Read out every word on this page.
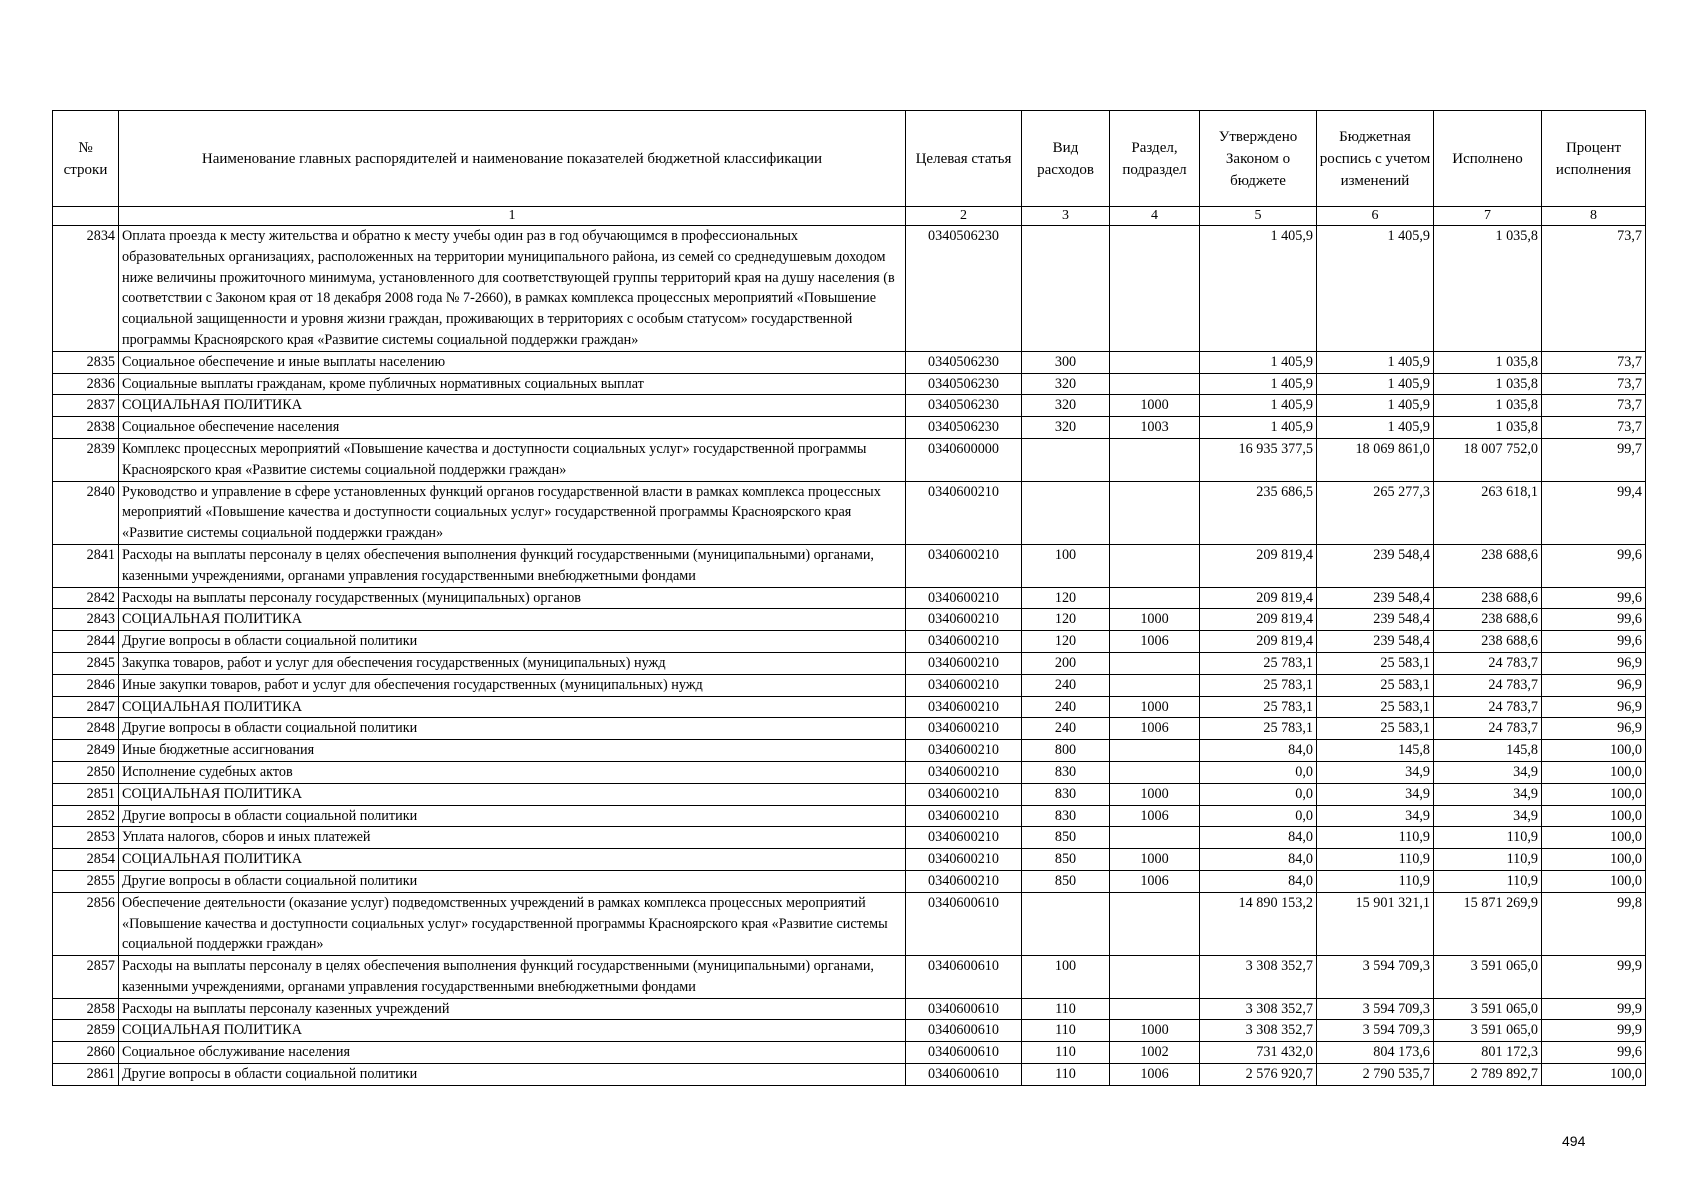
№ строки	Наименование главных распорядителей и наименование показателей бюджетной классификации	Целевая статья	Вид расходов	Раздел, подраздел	Утверждено Законом о бюджете	Бюджетная роспись с учетом изменений	Исполнено	Процент исполнения
	1	2	3	4	5	6	7	8
2834	Оплата проезда к месту жительства и обратно к месту учебы один раз в год обучающимся в профессиональных образовательных организациях, расположенных на территории муниципального района, из семей со среднедушевым доходом ниже величины прожиточного минимума, установленного для соответствующей группы территорий края на душу населения (в соответствии с Законом края от 18 декабря 2008 года № 7-2660), в рамках комплекса процессных мероприятий «Повышение социальной защищенности и уровня жизни граждан, проживающих в территориях с особым статусом» государственной программы Красноярского края «Развитие системы социальной поддержки граждан»	0340506230			1 405,9	1 405,9	1 035,8	73,7
2835	Социальное обеспечение и иные выплаты населению	0340506230	300		1 405,9	1 405,9	1 035,8	73,7
2836	Социальные выплаты гражданам, кроме публичных нормативных социальных выплат	0340506230	320		1 405,9	1 405,9	1 035,8	73,7
2837	СОЦИАЛЬНАЯ ПОЛИТИКА	0340506230	320	1000	1 405,9	1 405,9	1 035,8	73,7
2838	Социальное обеспечение населения	0340506230	320	1003	1 405,9	1 405,9	1 035,8	73,7
2839	Комплекс процессных мероприятий «Повышение качества и доступности социальных услуг» государственной программы Красноярского края «Развитие системы социальной поддержки граждан»	0340600000			16 935 377,5	18 069 861,0	18 007 752,0	99,7
2840	Руководство и управление в сфере установленных функций органов государственной власти в рамках комплекса процессных мероприятий «Повышение качества и доступности социальных услуг» государственной программы Красноярского края «Развитие системы социальной поддержки граждан»	0340600210			235 686,5	265 277,3	263 618,1	99,4
2841	Расходы на выплаты персоналу в целях обеспечения выполнения функций государственными (муниципальными) органами, казенными учреждениями, органами управления государственными внебюджетными фондами	0340600210	100		209 819,4	239 548,4	238 688,6	99,6
2842	Расходы на выплаты персоналу государственных (муниципальных) органов	0340600210	120		209 819,4	239 548,4	238 688,6	99,6
2843	СОЦИАЛЬНАЯ ПОЛИТИКА	0340600210	120	1000	209 819,4	239 548,4	238 688,6	99,6
2844	Другие вопросы в области социальной политики	0340600210	120	1006	209 819,4	239 548,4	238 688,6	99,6
2845	Закупка товаров, работ и услуг для обеспечения государственных (муниципальных) нужд	0340600210	200		25 783,1	25 583,1	24 783,7	96,9
2846	Иные закупки товаров, работ и услуг для обеспечения государственных (муниципальных) нужд	0340600210	240		25 783,1	25 583,1	24 783,7	96,9
2847	СОЦИАЛЬНАЯ ПОЛИТИКА	0340600210	240	1000	25 783,1	25 583,1	24 783,7	96,9
2848	Другие вопросы в области социальной политики	0340600210	240	1006	25 783,1	25 583,1	24 783,7	96,9
2849	Иные бюджетные ассигнования	0340600210	800		84,0	145,8	145,8	100,0
2850	Исполнение судебных актов	0340600210	830		0,0	34,9	34,9	100,0
2851	СОЦИАЛЬНАЯ ПОЛИТИКА	0340600210	830	1000	0,0	34,9	34,9	100,0
2852	Другие вопросы в области социальной политики	0340600210	830	1006	0,0	34,9	34,9	100,0
2853	Уплата налогов, сборов и иных платежей	0340600210	850		84,0	110,9	110,9	100,0
2854	СОЦИАЛЬНАЯ ПОЛИТИКА	0340600210	850	1000	84,0	110,9	110,9	100,0
2855	Другие вопросы в области социальной политики	0340600210	850	1006	84,0	110,9	110,9	100,0
2856	Обеспечение деятельности (оказание услуг) подведомственных учреждений в рамках комплекса процессных мероприятий «Повышение качества и доступности социальных услуг» государственной программы Красноярского края «Развитие системы социальной поддержки граждан»	0340600610			14 890 153,2	15 901 321,1	15 871 269,9	99,8
2857	Расходы на выплаты персоналу в целях обеспечения выполнения функций государственными (муниципальными) органами, казенными учреждениями, органами управления государственными внебюджетными фондами	0340600610	100		3 308 352,7	3 594 709,3	3 591 065,0	99,9
2858	Расходы на выплаты персоналу казенных учреждений	0340600610	110		3 308 352,7	3 594 709,3	3 591 065,0	99,9
2859	СОЦИАЛЬНАЯ ПОЛИТИКА	0340600610	110	1000	3 308 352,7	3 594 709,3	3 591 065,0	99,9
2860	Социальное обслуживание населения	0340600610	110	1002	731 432,0	804 173,6	801 172,3	99,6
2861	Другие вопросы в области социальной политики	0340600610	110	1006	2 576 920,7	2 790 535,7	2 789 892,7	100,0
494
